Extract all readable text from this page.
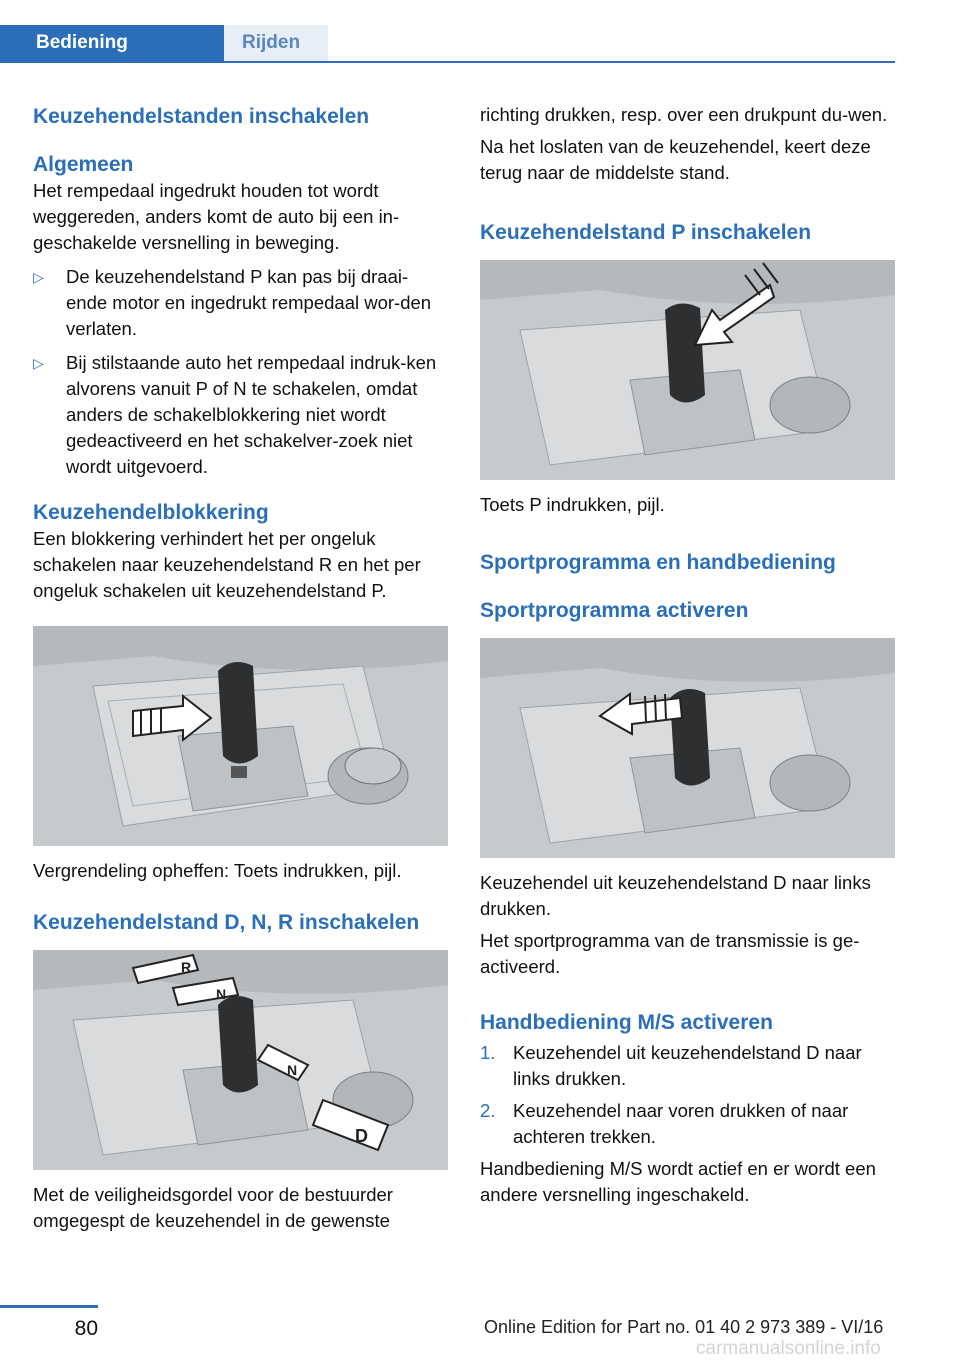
Bediening	Rijden
Keuzehendelstanden inschakelen
Algemeen

Het rempedaal ingedrukt houden tot wordt weggereden, anders komt de auto bij een in-geschakelde versnelling in beweging.

▷ De keuzehendelstand P kan pas bij draai-ende motor en ingedrukt rempedaal wor-den verlaten.
▷ Bij stilstaande auto het rempedaal indruk-ken alvorens vanuit P of N te schakelen, omdat anders de schakelblokkering niet wordt gedeactiveerd en het schakelver-zoek niet wordt uitgevoerd.
Keuzehendelblokkering

Een blokkering verhindert het per ongeluk schakelen naar keuzehendelstand R en het per ongeluk schakelen uit keuzehendelstand P.

Vergrendeling opheffen: Toets indrukken, pijl.

Keuzehendelstand D, N, R inschakelen
R
N
N
D

Met de veiligheidsgordel voor de bestuurder omgegespt de keuzehendel in de gewenste

richting drukken, resp. over een drukpunt du-wen.

Na het loslaten van de keuzehendel, keert deze terug naar de middelste stand.

Keuzehendelstand P inschakelen

Toets P indrukken, pijl.

Sportprogramma en handbediening
Sportprogramma activeren

Keuzehendel uit keuzehendelstand D naar links drukken.

Het sportprogramma van de transmissie is ge-activeerd.

Handbediening M/S activeren
1. Keuzehendel uit keuzehendelstand D naar links drukken.
2. Keuzehendel naar voren drukken of naar achteren trekken.

Handbediening M/S wordt actief en er wordt een andere versnelling ingeschakeld.

80	Online Edition for Part no. 01 40 2 973 389 - VI/16
carmanualsonline.info
